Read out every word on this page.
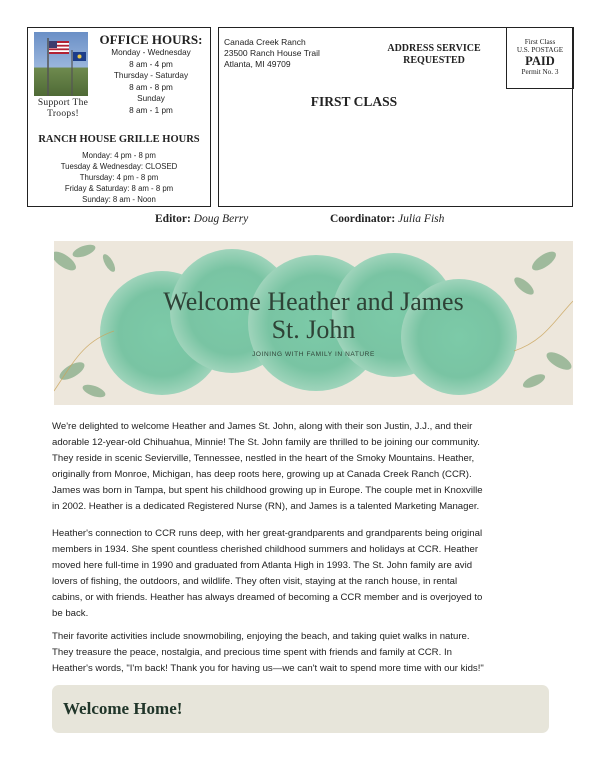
Support The
Troops!
OFFICE HOURS:
Monday - Wednesday
8 am - 4 pm
Thursday - Saturday
8 am - 8 pm
Sunday
8 am - 1 pm
RANCH HOUSE GRILLE HOURS
Monday: 4 pm - 8 pm
Tuesday & Wednesday: CLOSED
Thursday: 4 pm - 8 pm
Friday & Saturday: 8 am - 8 pm
Sunday: 8 am - Noon
Canada Creek Ranch
23500 Ranch House Trail
Atlanta, MI 49709
ADDRESS SERVICE
REQUESTED
FIRST CLASS
First Class
U.S. POSTAGE
PAID
Permit No. 3
Editor: Doug Berry	Coordinator: Julia Fish
Welcome Heather and James
St. John
JOINING WITH FAMILY IN NATURE
We're delighted to welcome Heather and James St. John, along with their son Justin, J.J., and their
adorable 12-year-old Chihuahua, Minnie! The St. John family are thrilled to be joining our community.
They reside in scenic Sevierville, Tennessee, nestled in the heart of the Smoky Mountains. Heather,
originally from Monroe, Michigan, has deep roots here, growing up at Canada Creek Ranch (CCR).
James was born in Tampa, but spent his childhood growing up in Europe. The couple met in Knoxville
in 2002. Heather is a dedicated Registered Nurse (RN), and James is a talented Marketing Manager.
Heather's connection to CCR runs deep, with her great-grandparents and grandparents being original
members in 1934. She spent countless cherished childhood summers and holidays at CCR. Heather
moved here full-time in 1990 and graduated from Atlanta High in 1993. The St. John family are avid
lovers of fishing, the outdoors, and wildlife. They often visit, staying at the ranch house, in rental
cabins, or with friends. Heather has always dreamed of becoming a CCR member and is overjoyed to
be back.
Their favorite activities include snowmobiling, enjoying the beach, and taking quiet walks in nature.
They treasure the peace, nostalgia, and precious time spent with friends and family at CCR. In
Heather's words, "I'm back! Thank you for having us—we can't wait to spend more time with our kids!"
Welcome Home!
